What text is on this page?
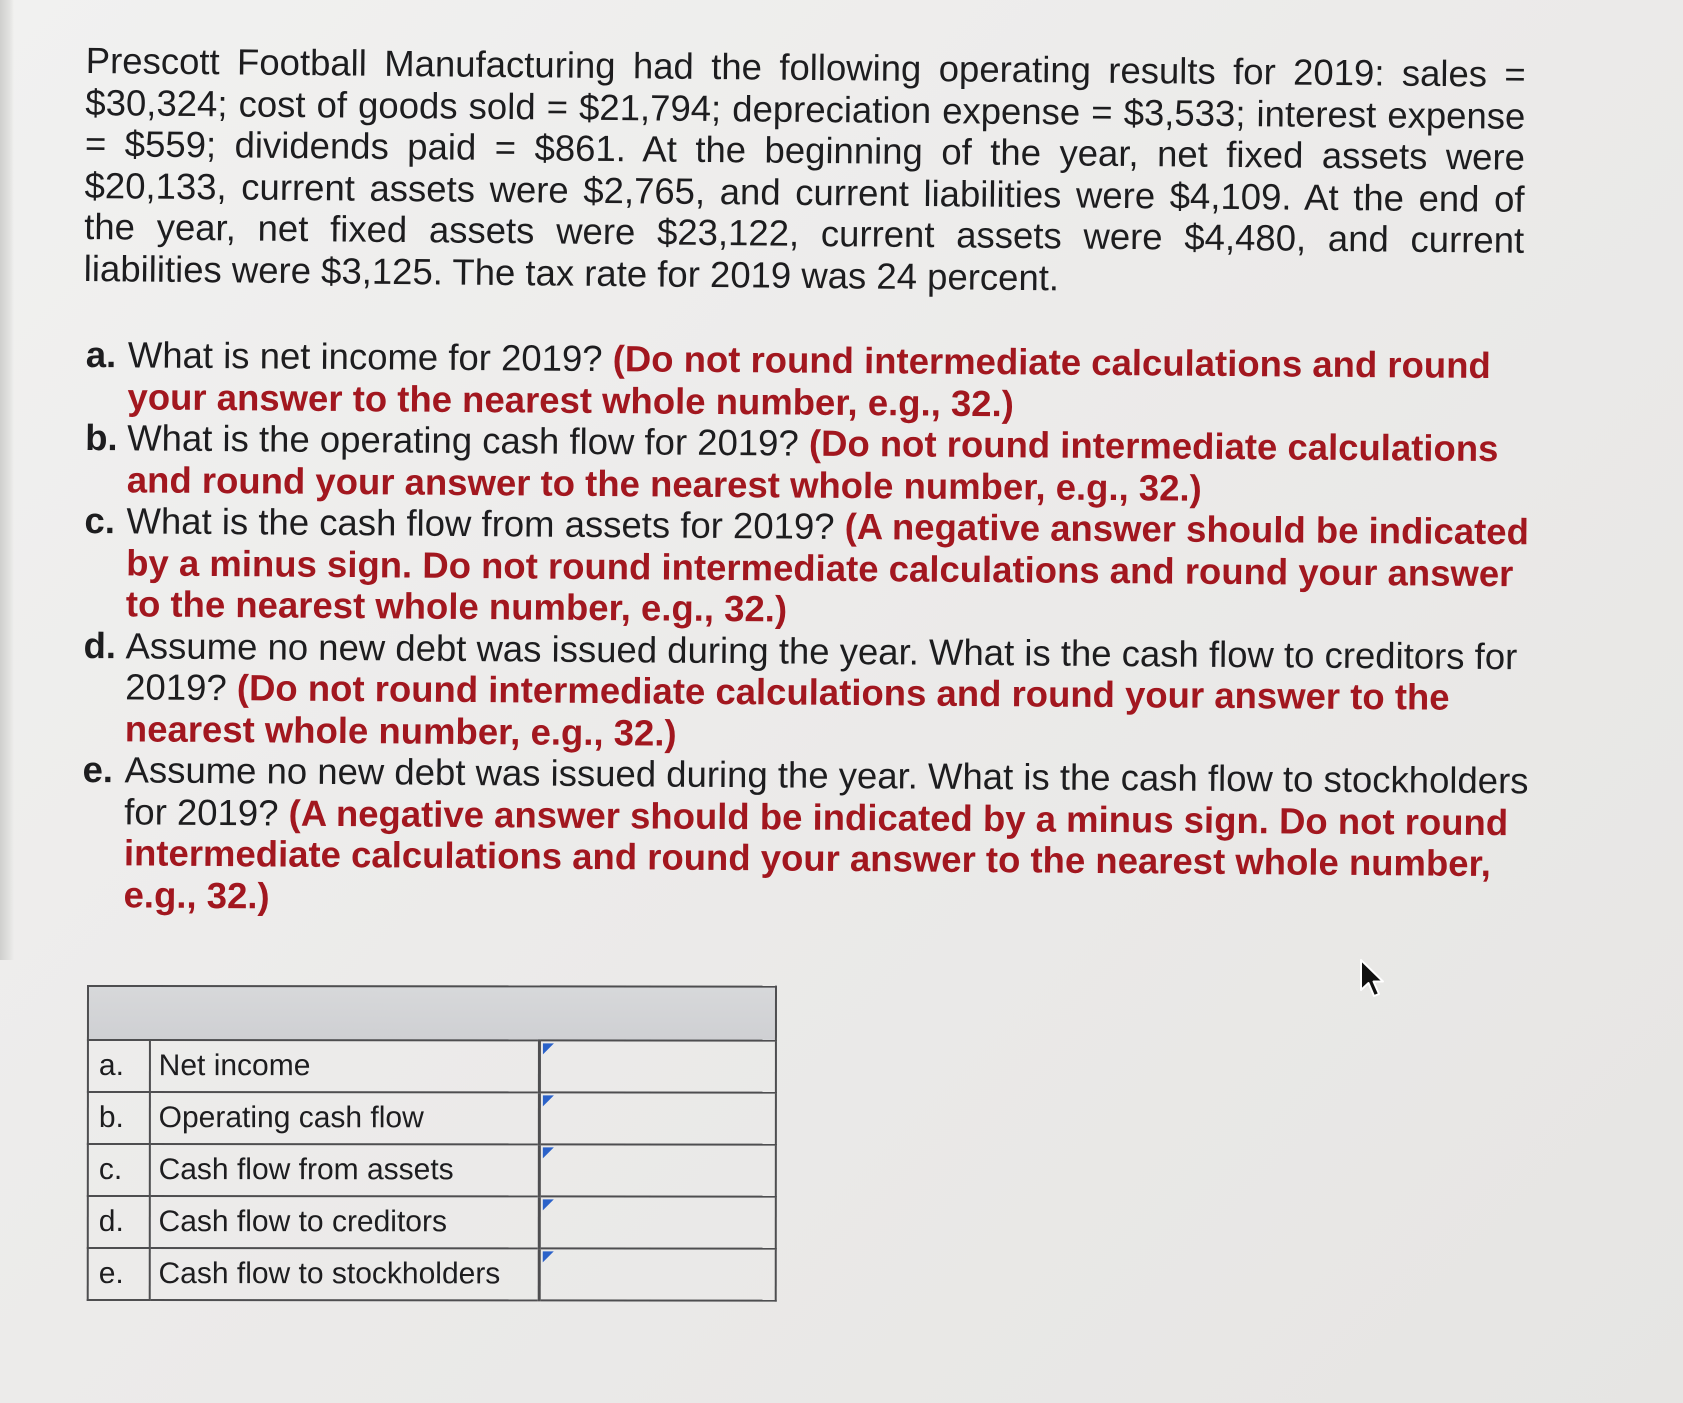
Prescott Football Manufacturing had the following operating results for 2019: sales = $30,324; cost of goods sold = $21,794; depreciation expense = $3,533; interest expense = $559; dividends paid = $861. At the beginning of the year, net fixed assets were $20,133, current assets were $2,765, and current liabilities were $4,109. At the end of the year, net fixed assets were $23,122, current assets were $4,480, and current liabilities were $3,125. The tax rate for 2019 was 24 percent.

a. What is net income for 2019? (Do not round intermediate calculations and round your answer to the nearest whole number, e.g., 32.)
b. What is the operating cash flow for 2019? (Do not round intermediate calculations and round your answer to the nearest whole number, e.g., 32.)
c. What is the cash flow from assets for 2019? (A negative answer should be indicated by a minus sign. Do not round intermediate calculations and round your answer to the nearest whole number, e.g., 32.)
d. Assume no new debt was issued during the year. What is the cash flow to creditors for 2019? (Do not round intermediate calculations and round your answer to the nearest whole number, e.g., 32.)
e. Assume no new debt was issued during the year. What is the cash flow to stockholders for 2019? (A negative answer should be indicated by a minus sign. Do not round intermediate calculations and round your answer to the nearest whole number, e.g., 32.)

a.	Net income	

b.	Operating cash flow	

c.	Cash flow from assets	

d.	Cash flow to creditors	

e.	Cash flow to stockholders	
